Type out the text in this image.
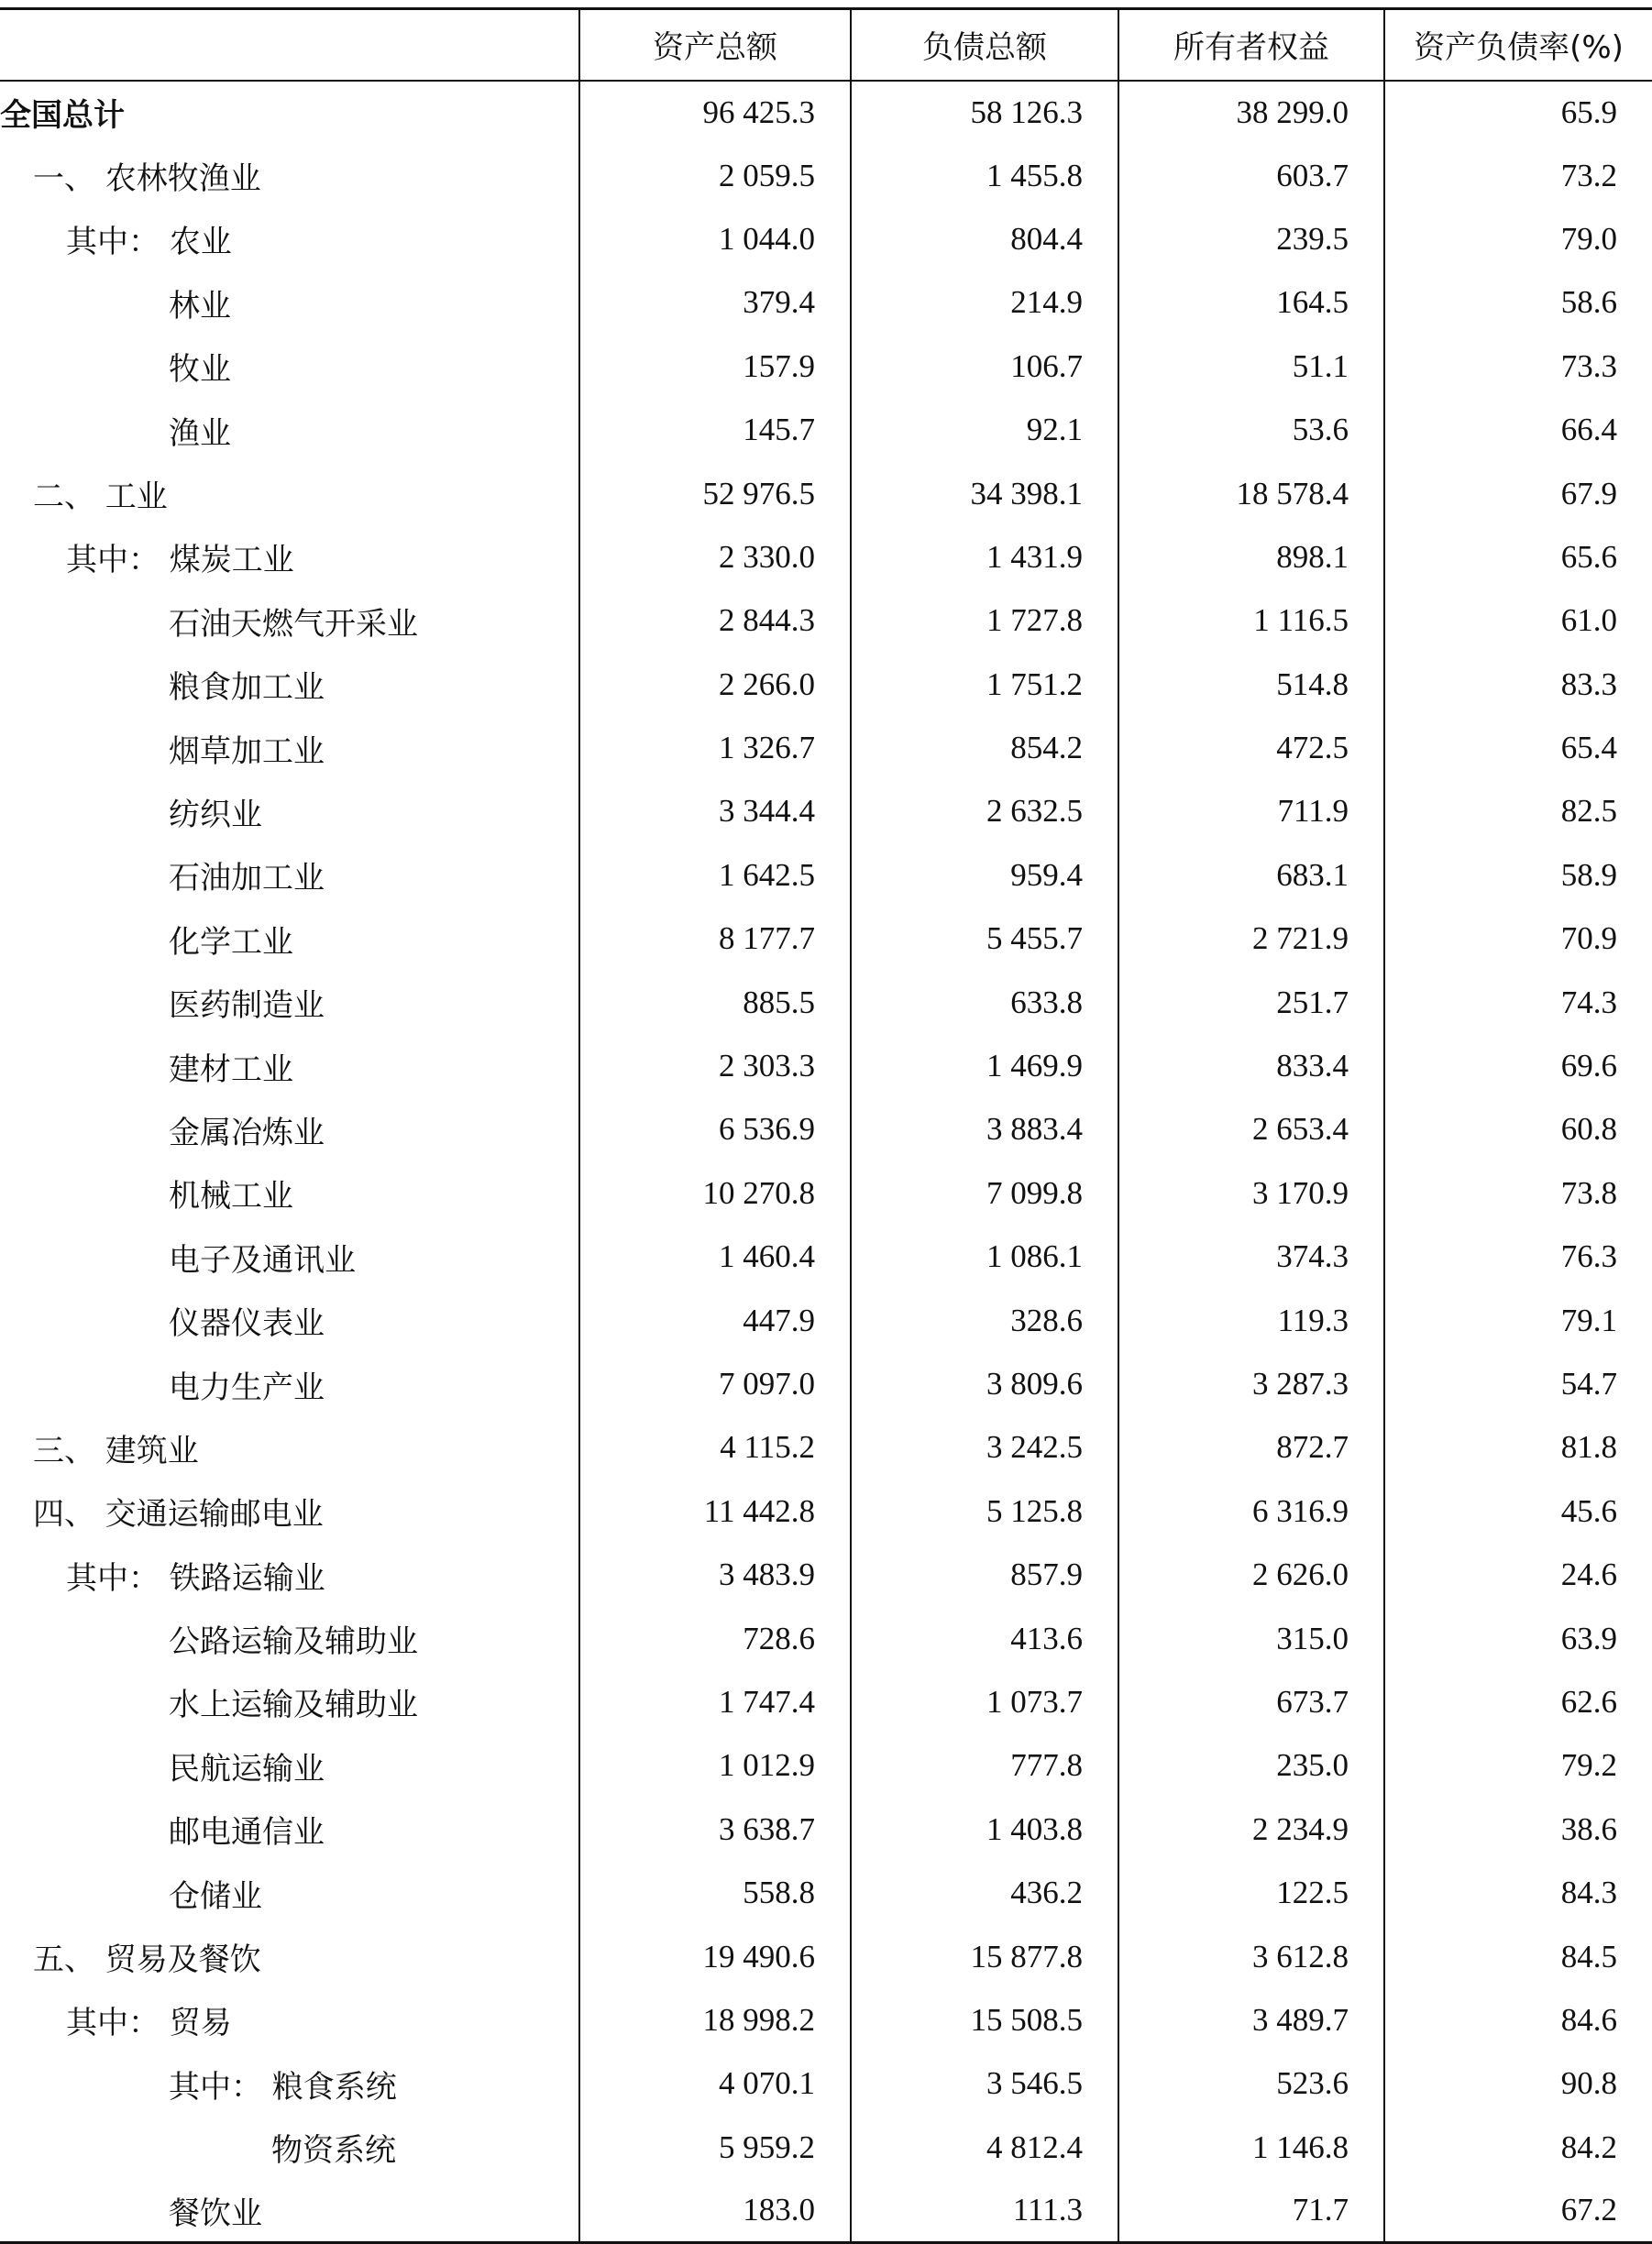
	资产总额	负债总额	所有者权益	资产负债率(%)
全国总计	96 425.3	58 126.3	38 299.0	65.9
一、 农林牧渔业	2 059.5	1 455.8	603.7	73.2
其中： 农业	1 044.0	804.4	239.5	79.0
林业	379.4	214.9	164.5	58.6
牧业	157.9	106.7	51.1	73.3
渔业	145.7	92.1	53.6	66.4
二、 工业	52 976.5	34 398.1	18 578.4	67.9
其中： 煤炭工业	2 330.0	1 431.9	898.1	65.6
石油天燃气开采业	2 844.3	1 727.8	1 116.5	61.0
粮食加工业	2 266.0	1 751.2	514.8	83.3
烟草加工业	1 326.7	854.2	472.5	65.4
纺织业	3 344.4	2 632.5	711.9	82.5
石油加工业	1 642.5	959.4	683.1	58.9
化学工业	8 177.7	5 455.7	2 721.9	70.9
医药制造业	885.5	633.8	251.7	74.3
建材工业	2 303.3	1 469.9	833.4	69.6
金属冶炼业	6 536.9	3 883.4	2 653.4	60.8
机械工业	10 270.8	7 099.8	3 170.9	73.8
电子及通讯业	1 460.4	1 086.1	374.3	76.3
仪器仪表业	447.9	328.6	119.3	79.1
电力生产业	7 097.0	3 809.6	3 287.3	54.7
三、 建筑业	4 115.2	3 242.5	872.7	81.8
四、 交通运输邮电业	11 442.8	5 125.8	6 316.9	45.6
其中： 铁路运输业	3 483.9	857.9	2 626.0	24.6
公路运输及辅助业	728.6	413.6	315.0	63.9
水上运输及辅助业	1 747.4	1 073.7	673.7	62.6
民航运输业	1 012.9	777.8	235.0	79.2
邮电通信业	3 638.7	1 403.8	2 234.9	38.6
仓储业	558.8	436.2	122.5	84.3
五、 贸易及餐饮	19 490.6	15 877.8	3 612.8	84.5
其中： 贸易	18 998.2	15 508.5	3 489.7	84.6
其中： 粮食系统	4 070.1	3 546.5	523.6	90.8
物资系统	5 959.2	4 812.4	1 146.8	84.2
餐饮业	183.0	111.3	71.7	67.2
